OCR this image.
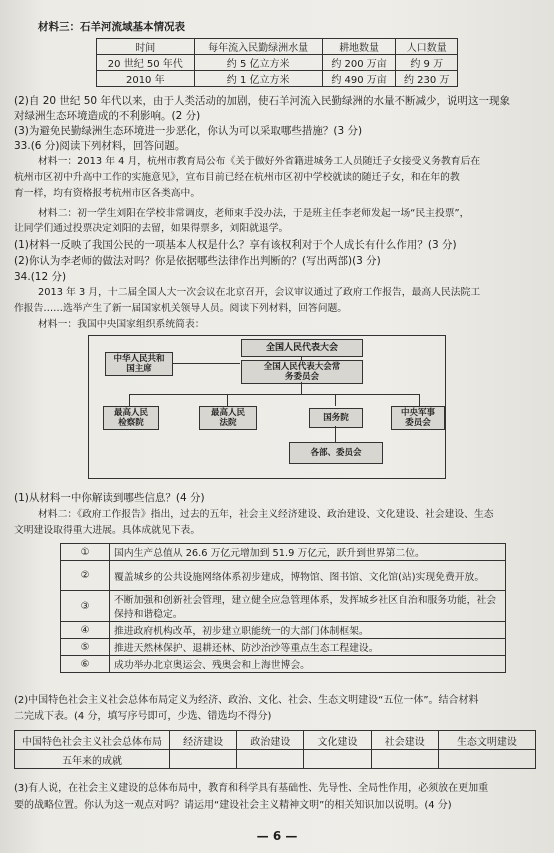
材料三：石羊河流域基本情况表
时间	每年流入民勤绿洲水量	耕地数量	人口数量
20 世纪 50 年代	约 5 亿立方米	约 200 万亩	约 9 万
2010 年	约 1 亿立方米	约 490 万亩	约 230 万
(2)自 20 世纪 50 年代以来，由于人类活动的加剧，使石羊河流入民勤绿洲的水量不断减少，说明这一现象
对绿洲生态环境造成的不利影响。(2 分)
(3)为避免民勤绿洲生态环境进一步恶化，你认为可以采取哪些措施？(3 分)
33.(6 分)阅读下列材料，回答问题。
材料一：2013 年 4 月，杭州市教育局公布《关于做好外省籍进城务工人员随迁子女接受义务教育后在
杭州市区初中升高中工作的实施意见》，宣布目前已经在杭州市区初中学校就读的随迁子女，和在年的教
育一样，均有资格报考杭州市区各类高中。
材料二：初一学生刘阳在学校非常调皮，老师束手没办法，于是班主任李老师发起一场“民主投票”，
让同学们通过投票决定刘阳的去留，如果得票多，刘阳就退学。
(1)材料一反映了我国公民的一项基本人权是什么？享有该权利对于个人成长有什么作用？(3 分)
(2)你认为李老师的做法对吗？你是依据哪些法律作出判断的？(写出两部)(3 分)
34.(12 分)
2013 年 3 月，十二届全国人大一次会议在北京召开，会议审议通过了政府工作报告，最高人民法院工
作报告……选举产生了新一届国家机关领导人员。阅读下列材料，回答问题。
材料一：我国中央国家组织系统简表：
全国人民代表大会
全国人民代表大会常务委员会
中华人民共和国主席
最高人民检察院
最高人民法院	国务院	中央军事委员会
各部、委员会
(1)从材料一中你解读到哪些信息？(4 分)
材料二：《政府工作报告》指出，过去的五年，社会主义经济建设、政治建设、文化建设、社会建设、生态
文明建设取得重大进展。具体成就见下表。
①	国内生产总值从 26.6 万亿元增加到 51.9 万亿元，跃升到世界第二位。
②	覆盖城乡的公共设施网络体系初步建成，博物馆、图书馆、文化馆(站)实现免费开放。
③	不断加强和创新社会管理，建立健全应急管理体系，发挥城乡社区自治和服务功能，社会保持和谐稳定。
④	推进政府机构改革，初步建立职能统一的大部门体制框架。
⑤	推进天然林保护、退耕还林、防沙治沙等重点生态工程建设。
⑥	成功举办北京奥运会、残奥会和上海世博会。
(2)中国特色社会主义社会总体布局定义为经济、政治、文化、社会、生态文明建设“五位一体”。结合材料
二完成下表。(4 分，填写序号即可，少选、错选均不得分)
中国特色社会主义社会总体布局	经济建设	政治建设	文化建设	社会建设	生态文明建设
五年来的成就					
(3)有人说，在社会主义建设的总体布局中，教育和科学具有基础性、先导性、全局性作用，必须放在更加重
要的战略位置。你认为这一观点对吗？请运用“建设社会主义精神文明”的相关知识加以说明。(4 分)
— 6 —
